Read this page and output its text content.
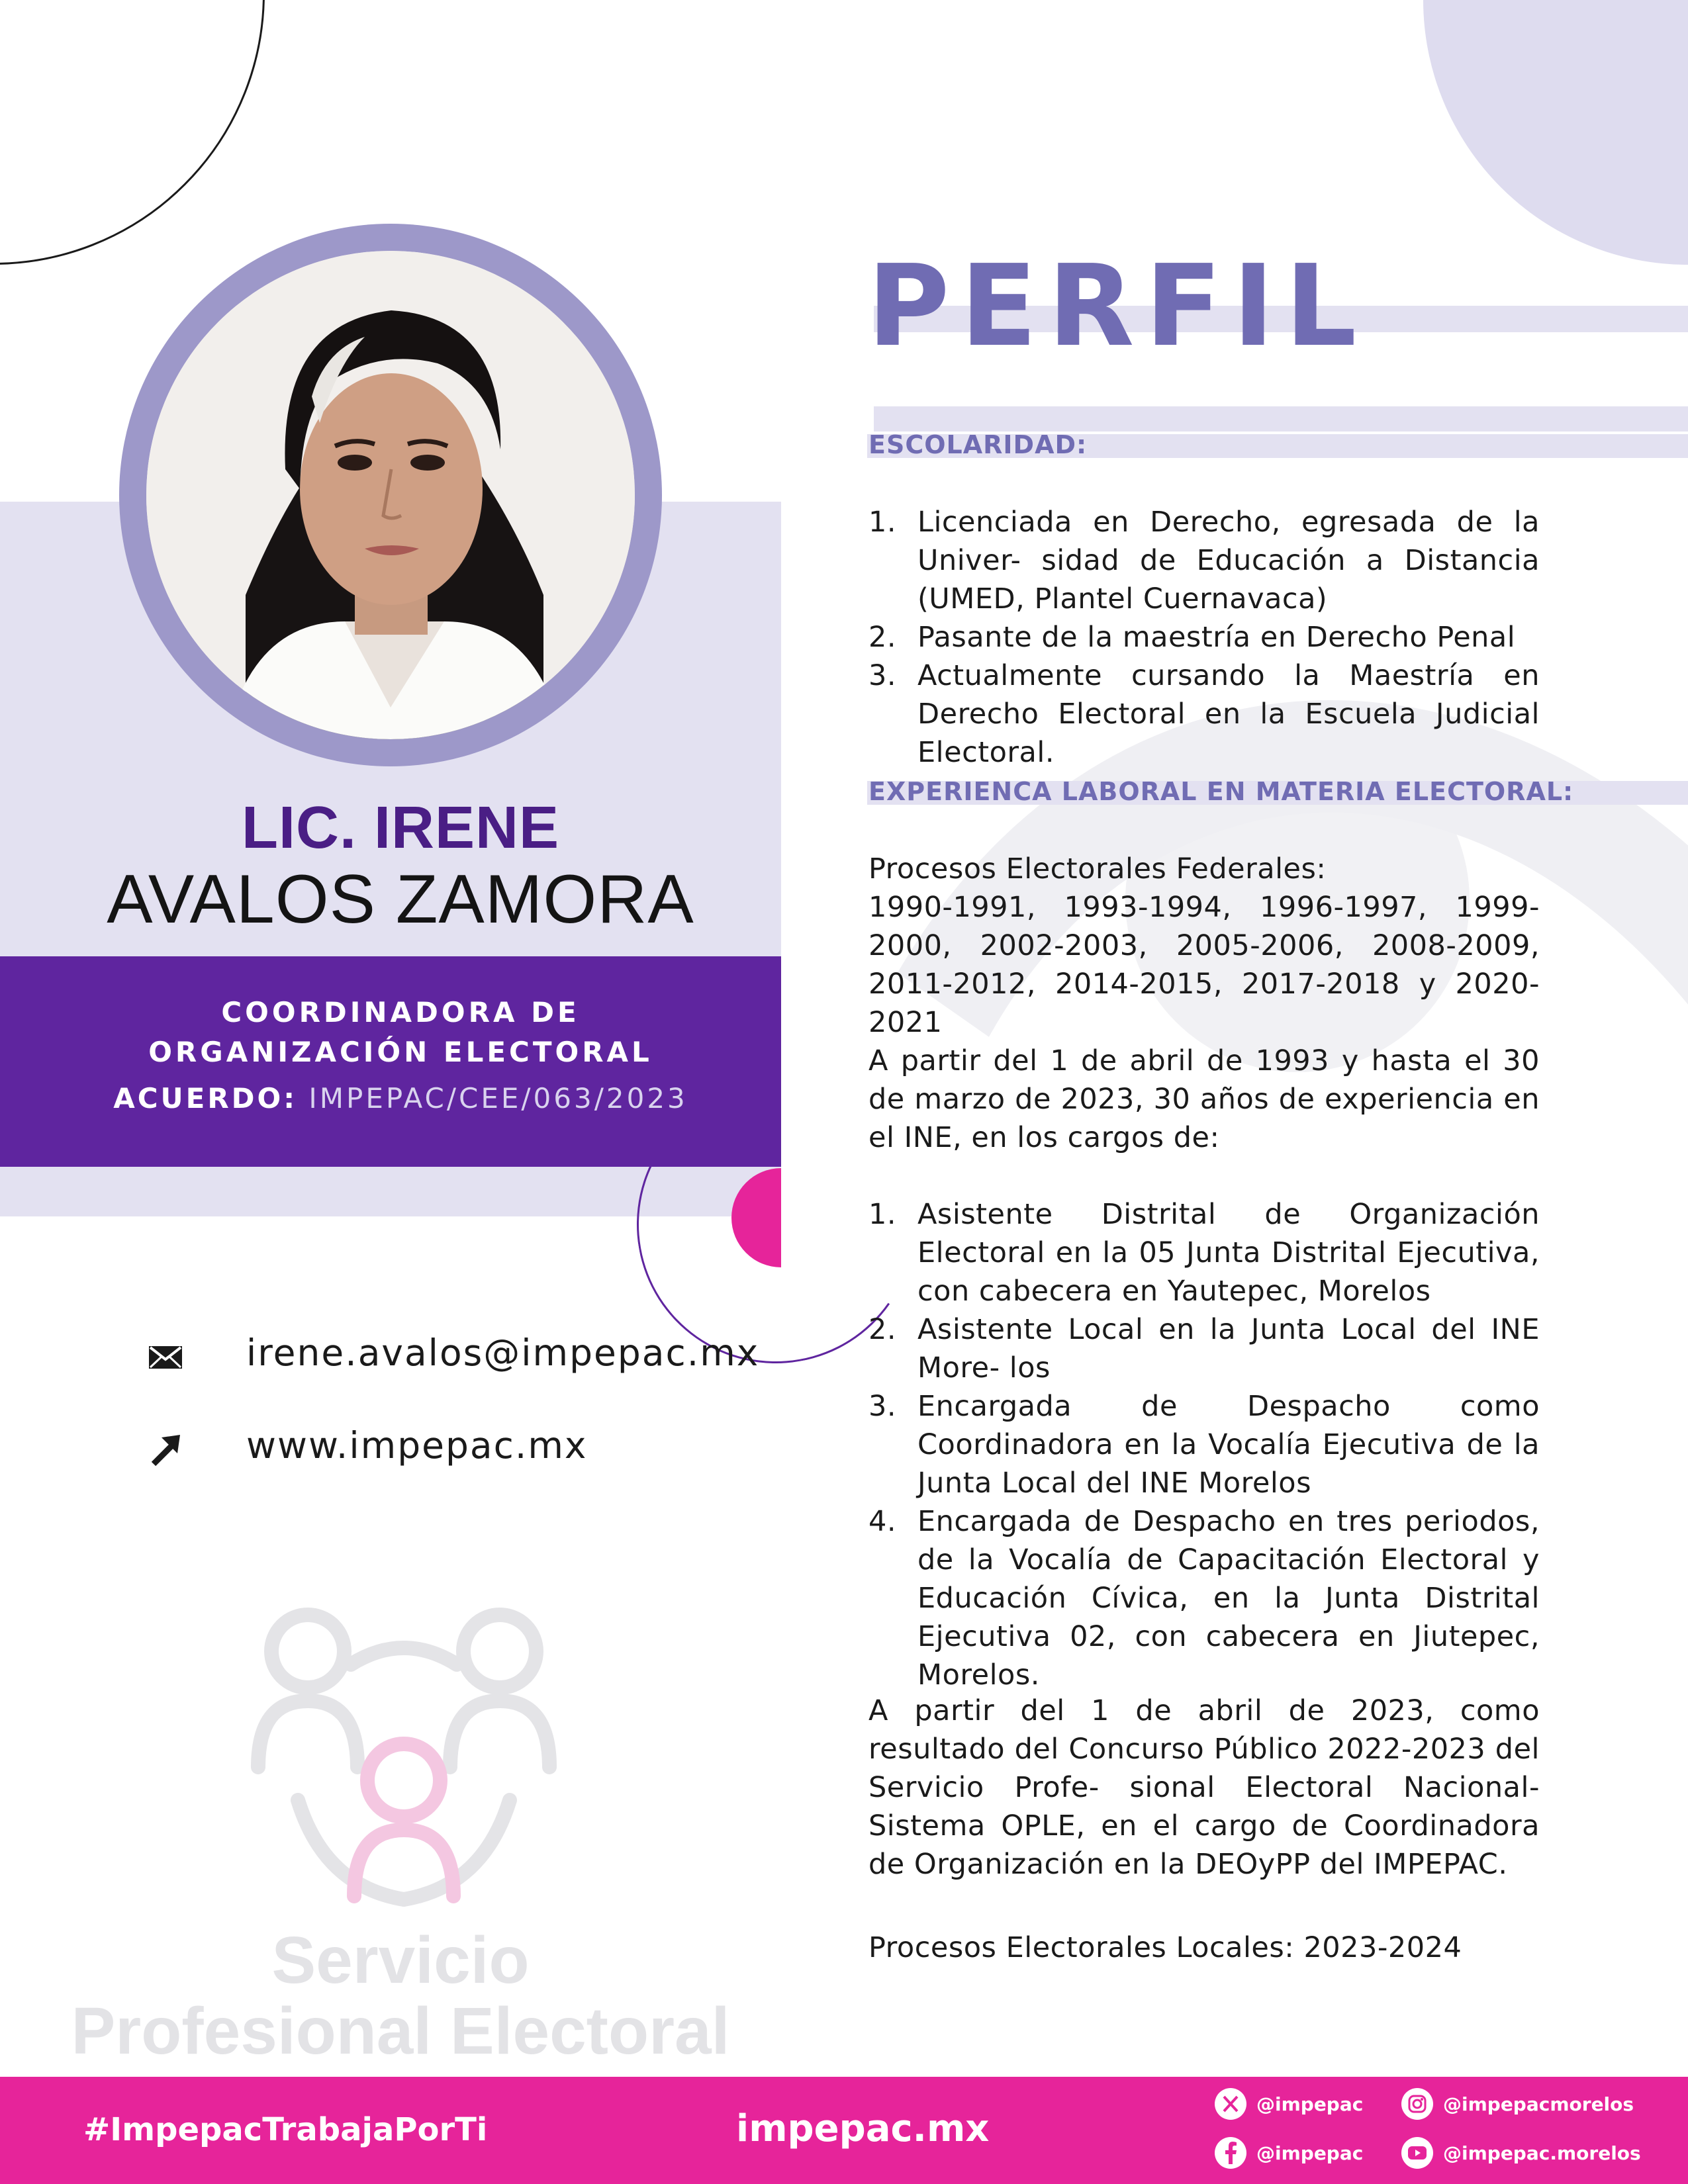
LIC. IRENE
AVALOS ZAMORA
COORDINADORA DE
ORGANIZACIÓN ELECTORAL
ACUERDO: IMPEPAC/CEE/063/2023
irene.avalos@impepac.mx
www.impepac.mx
Servicio
Profesional Electoral
PERFIL
ESCOLARIDAD:
1. Licenciada en Derecho, egresada de la Univer- sidad de Educación a Distancia (UMED, Plantel Cuernavaca)
2. Pasante de la maestría en Derecho Penal
3. Actualmente cursando la Maestría en Derecho Electoral en la Escuela Judicial Electoral.
EXPERIENCA LABORAL EN MATERIA ELECTORAL:
Procesos Electorales Federales:
1990-1991, 1993-1994, 1996-1997, 1999-2000, 2002-2003, 2005-2006, 2008-2009, 2011-2012, 2014-2015, 2017-2018 y 2020-2021
A partir del 1 de abril de 1993 y hasta el 30 de marzo de 2023, 30 años de experiencia en el INE, en los cargos de:
1. Asistente Distrital de Organización Electoral en la 05 Junta Distrital Ejecutiva, con cabecera en Yautepec, Morelos
2. Asistente Local en la Junta Local del INE More- los
3. Encargada de Despacho como Coordinadora en la Vocalía Ejecutiva de la Junta Local del INE Morelos
4. Encargada de Despacho en tres periodos, de la Vocalía de Capacitación Electoral y Educación Cívica, en la Junta Distrital Ejecutiva 02, con cabecera en Jiutepec, Morelos.
A partir del 1 de abril de 2023, como resultado del Concurso Público 2022-2023 del Servicio Profe- sional Electoral Nacional-Sistema OPLE, en el cargo de Coordinadora de Organización en la DEOyPP del IMPEPAC.
Procesos Electorales Locales: 2023-2024
#ImpepacTrabajaPorTi	impepac.mx
@impepac	@impepacmorelos
@impepac	@impepac.morelos
